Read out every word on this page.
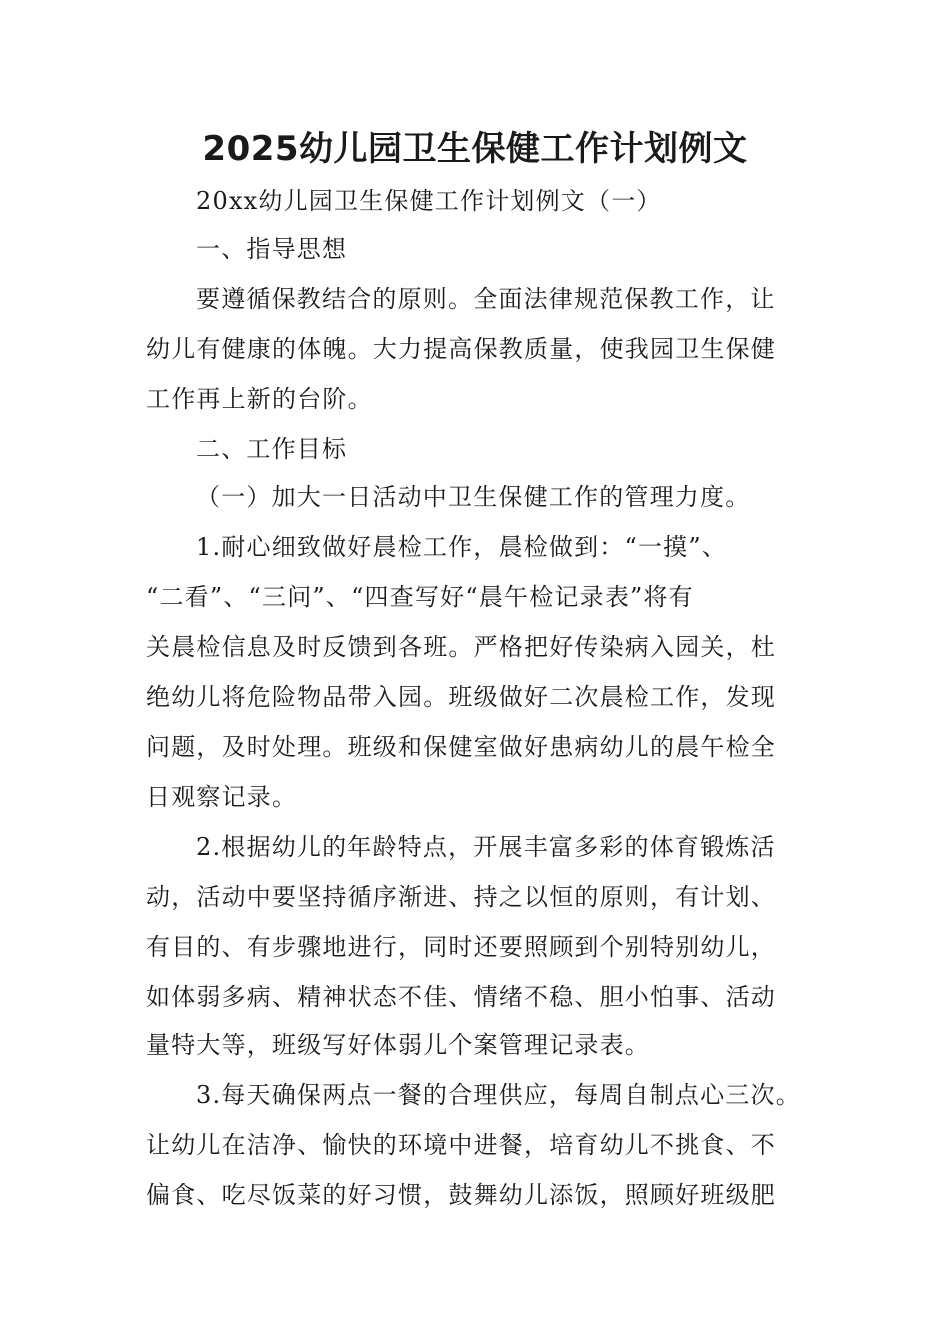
2025幼儿园卫生保健工作计划例文
20xx幼儿园卫生保健工作计划例文（一）
一、指导思想
要遵循保教结合的原则。全面法律规范保教工作，让
幼儿有健康的体魄。大力提高保教质量，使我园卫生保健
工作再上新的台阶。
二、工作目标
（一）加大一日活动中卫生保健工作的管理力度。
1.耐心细致做好晨检工作，晨检做到：“一摸”、
“二看”、“三问”、“四查写好“晨午检记录表”将有
关晨检信息及时反馈到各班。严格把好传染病入园关，杜
绝幼儿将危险物品带入园。班级做好二次晨检工作，发现
问题，及时处理。班级和保健室做好患病幼儿的晨午检全
日观察记录。
2.根据幼儿的年龄特点，开展丰富多彩的体育锻炼活
动，活动中要坚持循序渐进、持之以恒的原则，有计划、
有目的、有步骤地进行，同时还要照顾到个别特别幼儿，
如体弱多病、精神状态不佳、情绪不稳、胆小怕事、活动
量特大等，班级写好体弱儿个案管理记录表。
3.每天确保两点一餐的合理供应，每周自制点心三次。
让幼儿在洁净、愉快的环境中进餐，培育幼儿不挑食、不
偏食、吃尽饭菜的好习惯，鼓舞幼儿添饭，照顾好班级肥
